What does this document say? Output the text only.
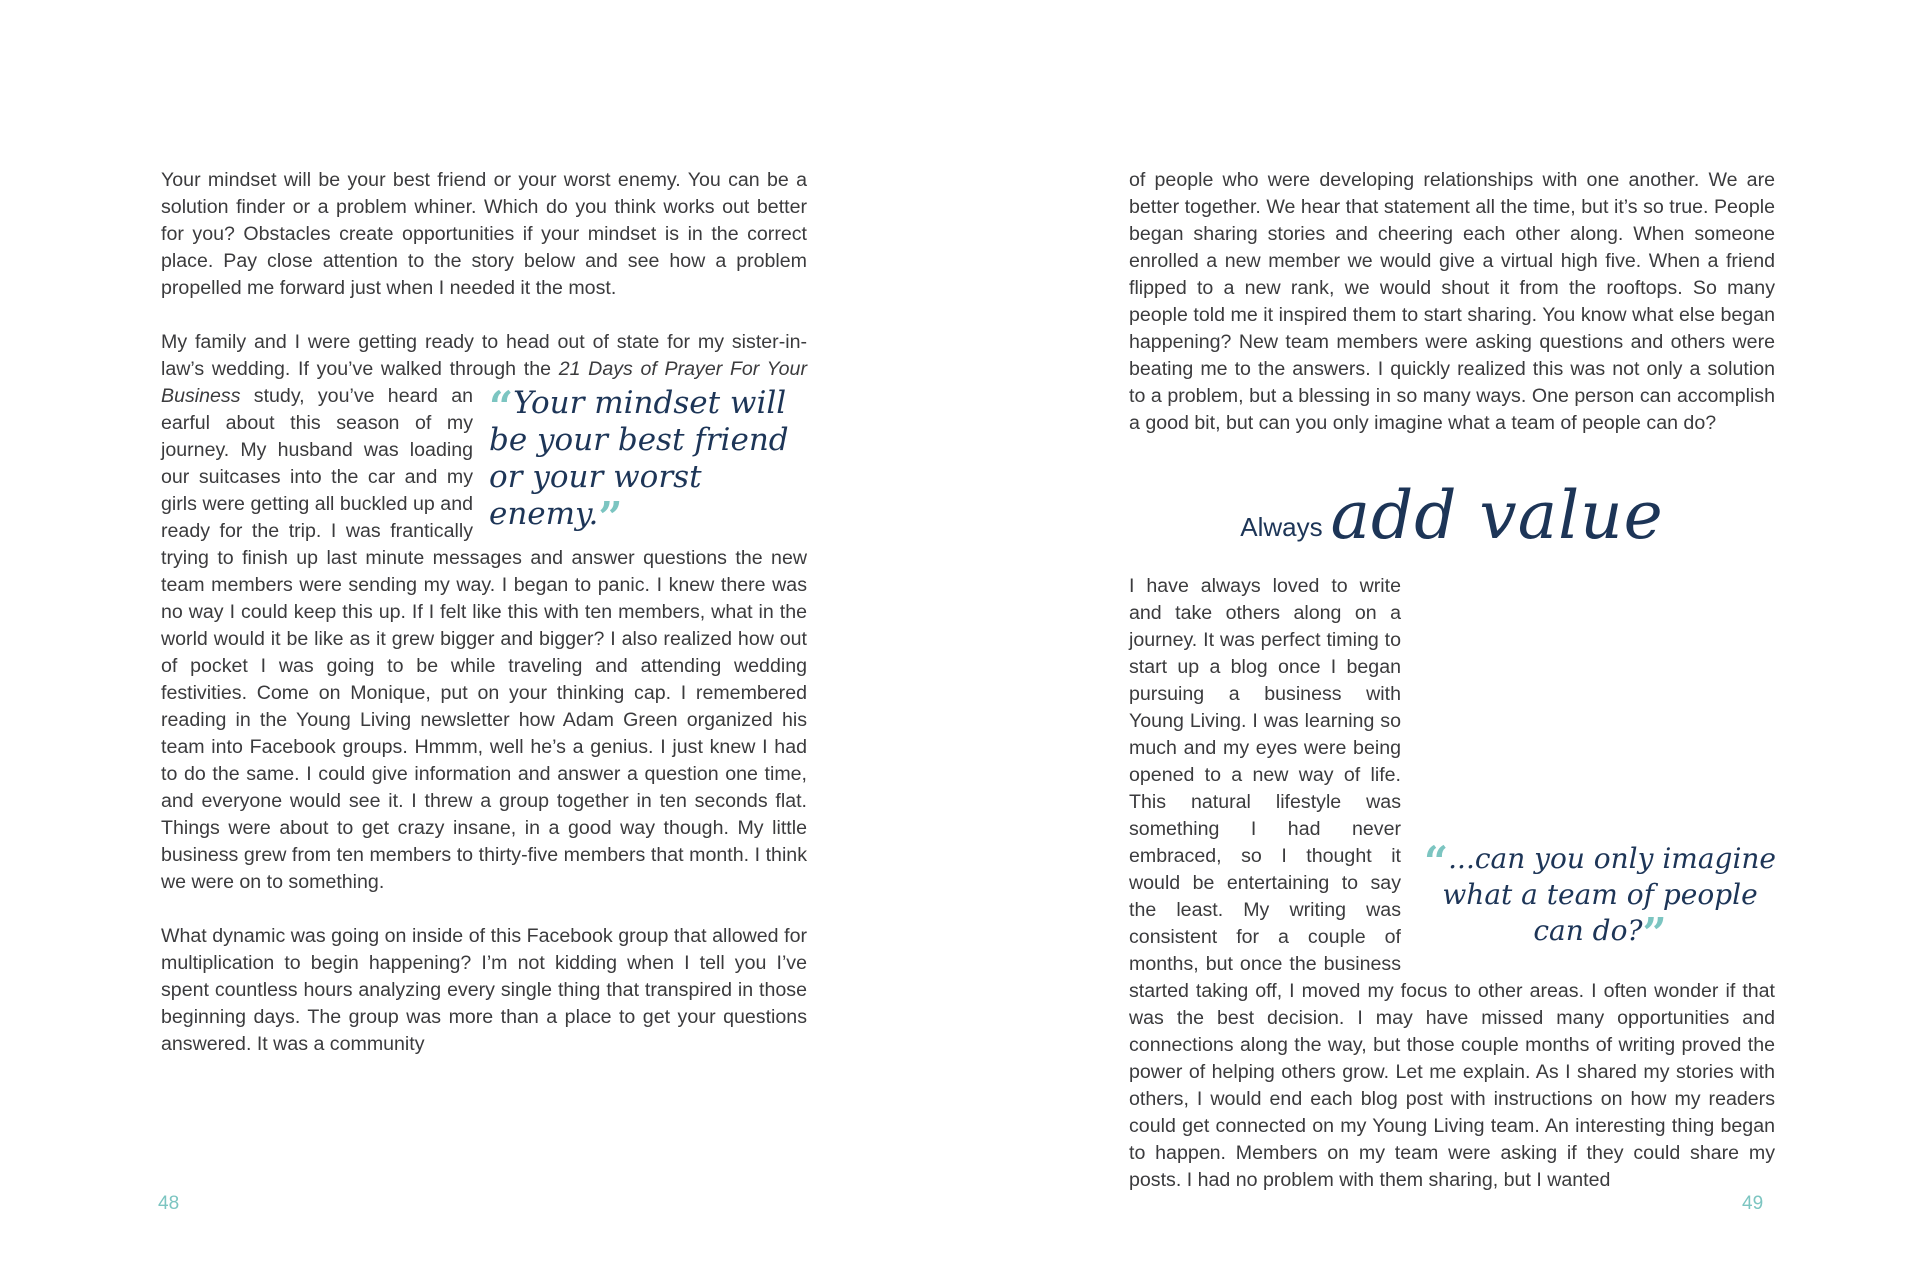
Your mindset will be your best friend or your worst enemy. You can be a solution finder or a problem whiner. Which do you think works out better for you? Obstacles create opportunities if your mindset is in the correct place. Pay close attention to the story below and see how a problem propelled me forward just when I needed it the most.

My family and I were getting ready to head out of state for my sister-in-law’s wedding. If you’ve walked through the 21 Days of Prayer For Your Business	“Your mindset will be your best friend or your worst enemy.”
study, you’ve heard an earful about this season of my journey. My husband was loading our suitcases into the car and my girls were getting all buckled up and ready for the trip. I was frantically trying to finish up last minute messages and answer questions the new team members were sending my way. I began to panic. I knew there was no way I could keep this up. If I felt like this with ten members, what in the world would it be like as it grew bigger and bigger? I also realized how out of pocket I was going to be while traveling and attending wedding festivities. Come on Monique, put on your thinking cap. I remembered reading in the Young Living newsletter how Adam Green organized his team into Facebook groups. Hmmm, well he’s a genius. I just knew I had to do the same. I could give information and answer a question one time, and everyone would see it. I threw a group together in ten seconds flat. Things were about to get crazy insane, in a good way though. My little business grew from ten members to thirty-five members that month. I think we were on to something.

What dynamic was going on inside of this Facebook group that allowed for multiplication to begin happening? I’m not kidding when I tell you I’ve spent countless hours analyzing every single thing that transpired in those beginning days. The group was more than a place to get your questions answered. It was a community

48

of people who were developing relationships with one another. We are better together. We hear that statement all the time, but it’s so true. People began sharing stories and cheering each other along. When someone enrolled a new member we would give a virtual high five. When a friend flipped to a new rank, we would shout it from the rooftops. So many people told me it inspired them to start sharing. You know what else began happening? New team members were asking questions and others were beating me to the answers. I quickly realized this was not only a solution to a problem, but a blessing in so many ways. One person can accomplish a good bit, but can you only imagine what a team of people can do?

Always add value

“...can you only imagine what a team of people can do?”
I have always loved to write and take others along on a journey. It was perfect timing to start up a blog once I began pursuing a business with Young Living. I was learning so much and my eyes were being opened to a new way of life. This natural lifestyle was something I had never embraced, so I thought it would be entertaining to say the least. My writing was consistent for a couple of months, but once the business started taking off, I moved my focus to other areas. I often wonder if that was the best decision. I may have missed many opportunities and connections along the way, but those couple months of writing proved the power of helping others grow. Let me explain. As I shared my stories with others, I would end each blog post with instructions on how my readers could get connected on my Young Living team. An interesting thing began to happen. Members on my team were asking if they could share my posts. I had no problem with them sharing, but I wanted

49
